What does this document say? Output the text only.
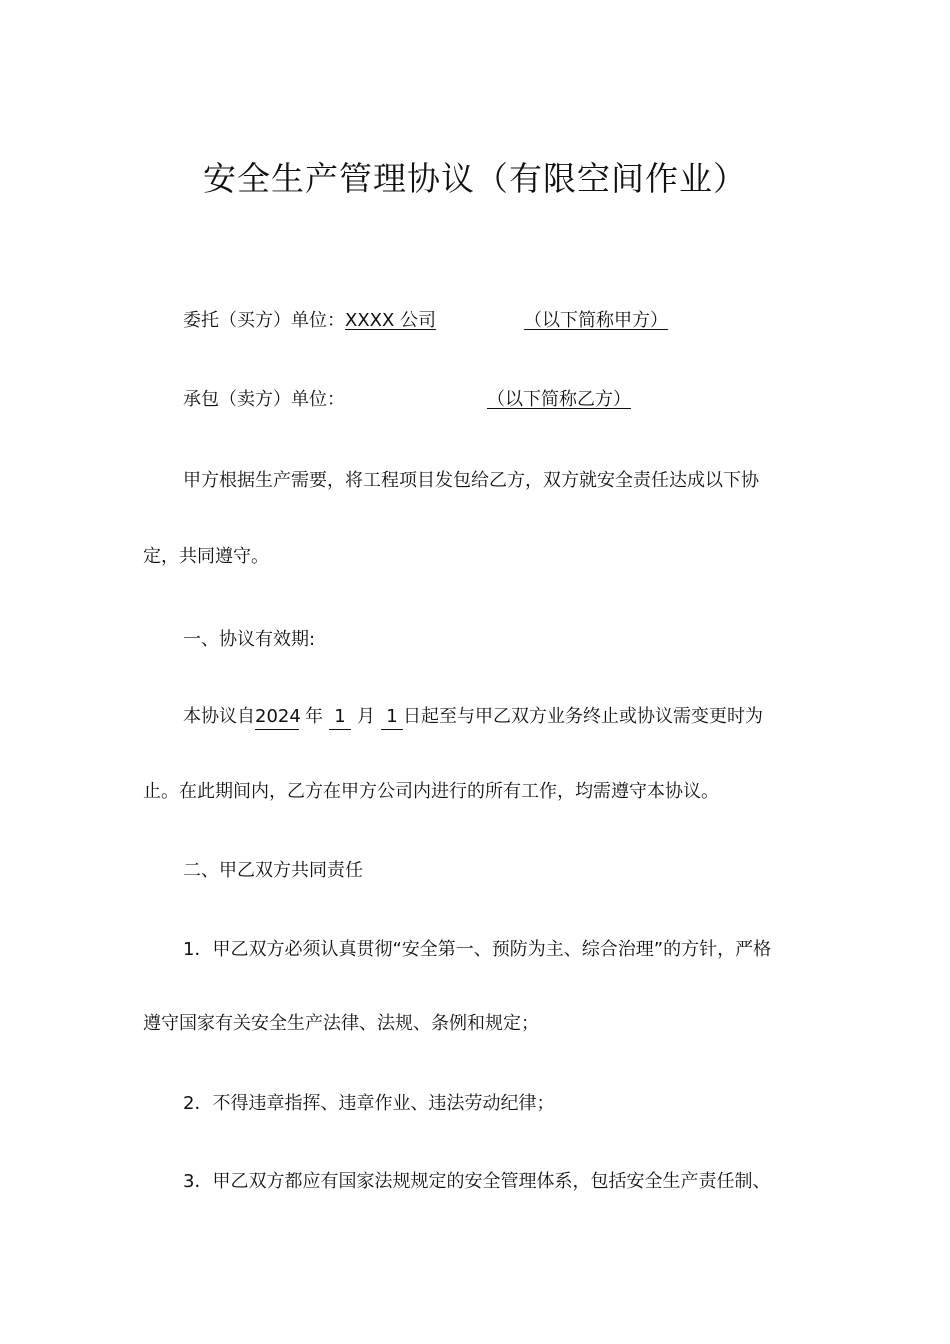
安全生产管理协议（有限空间作业）
委托（买方）单位：XXXX 公司	（以下简称甲方）
承包（卖方）单位：	（以下简称乙方）
甲方根据生产需要，将工程项目发包给乙方，双方就安全责任达成以下协
定，共同遵守。
一、协议有效期:
本协议自2024 年 1 月 1 日起至与甲乙双方业务终止或协议需变更时为
止。在此期间内，乙方在甲方公司内进行的所有工作，均需遵守本协议。
二、甲乙双方共同责任
1．甲乙双方必须认真贯彻“安全第一、预防为主、综合治理”的方针，严格
遵守国家有关安全生产法律、法规、条例和规定；
2．不得违章指挥、违章作业、违法劳动纪律；
3．甲乙双方都应有国家法规规定的安全管理体系，包括安全生产责任制、
